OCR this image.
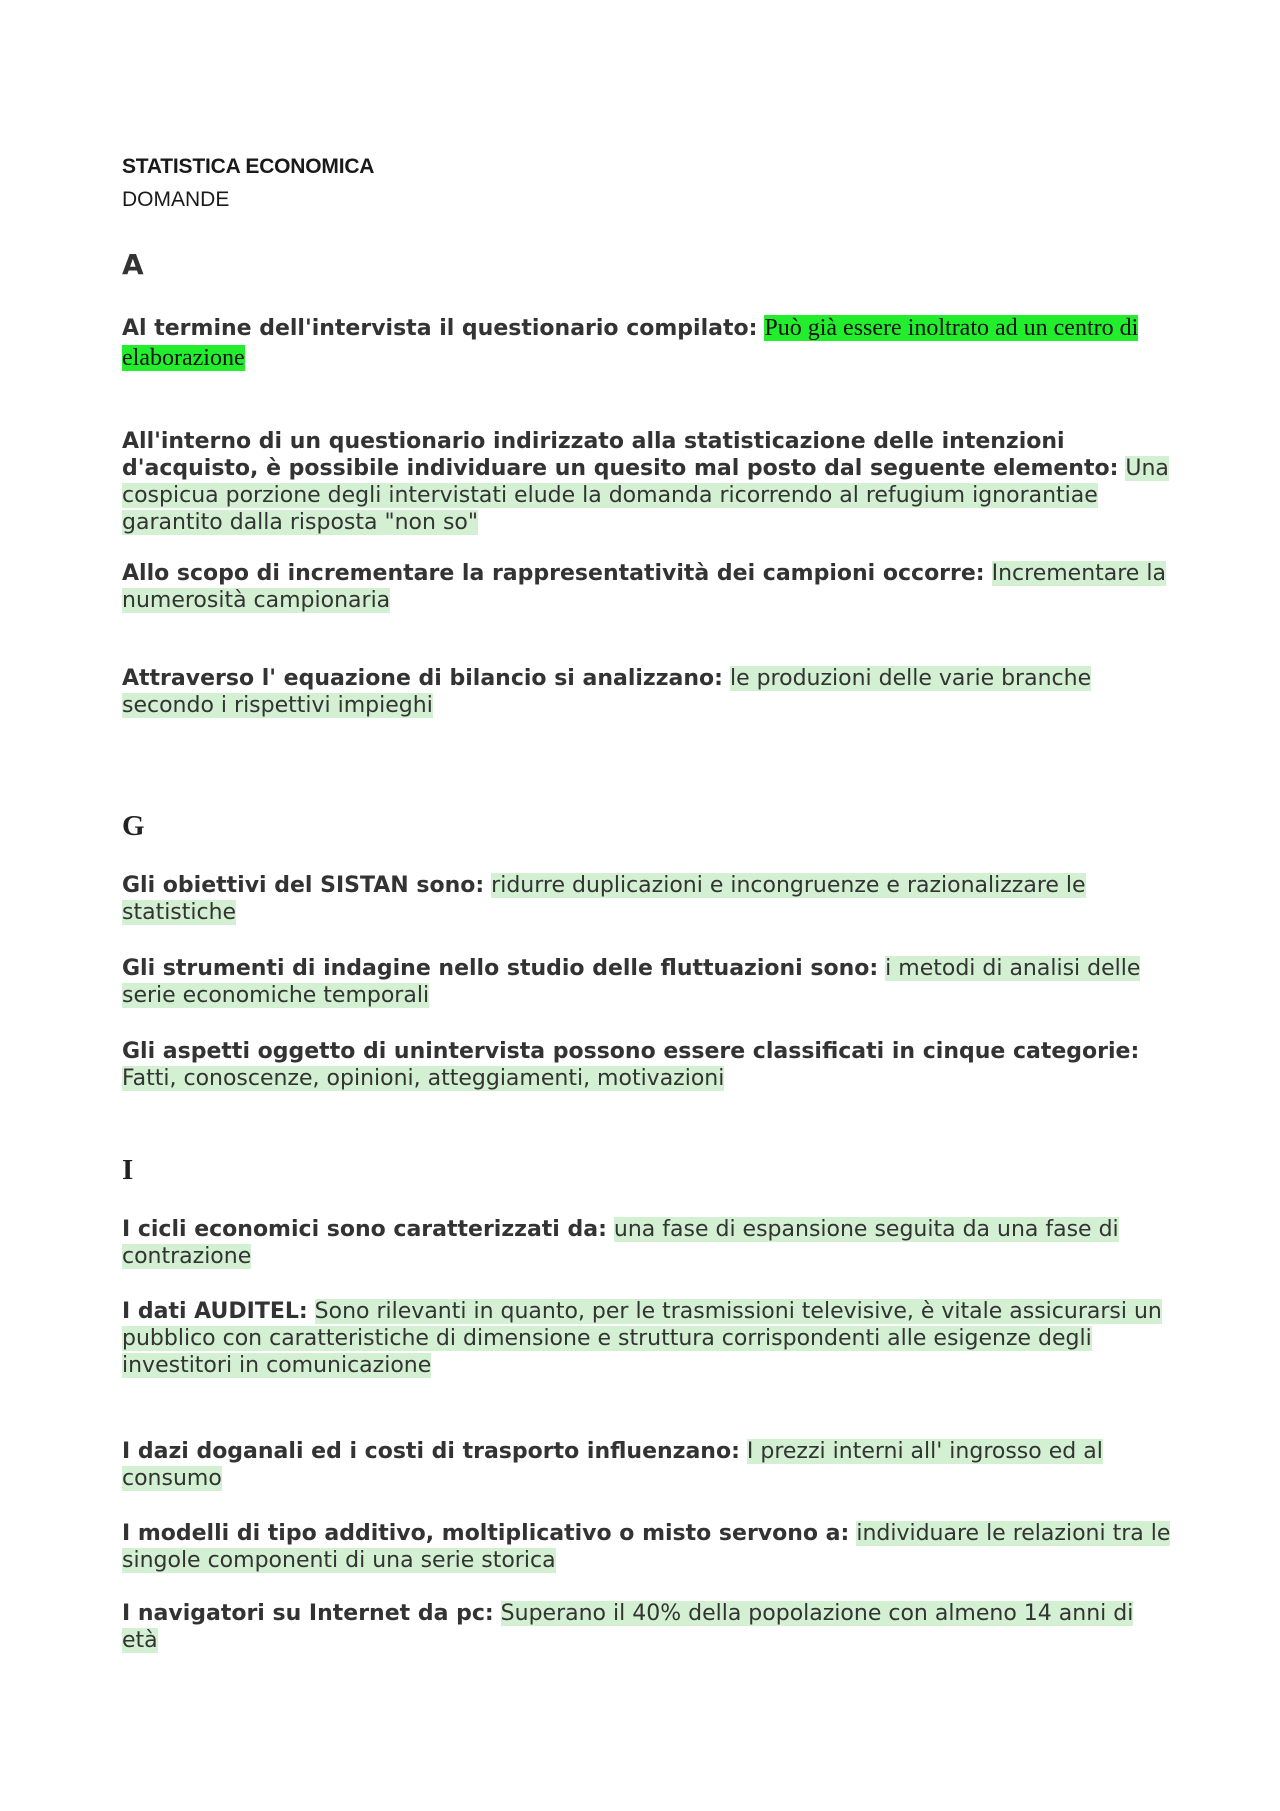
STATISTICA ECONOMICA
DOMANDE
A

Al termine dell'intervista il questionario compilato: Può già essere inoltrato ad un centro di elaborazione

All'interno di un questionario indirizzato alla statisticazione delle intenzioni d'acquisto, è possibile individuare un quesito mal posto dal seguente elemento: Una cospicua porzione degli intervistati elude la domanda ricorrendo al refugium ignorantiae garantito dalla risposta "non so"

Allo scopo di incrementare la rappresentatività dei campioni occorre: Incrementare la numerosità campionaria

Attraverso l' equazione di bilancio si analizzano: le produzioni delle varie branche secondo i rispettivi impieghi

G

Gli obiettivi del SISTAN sono: ridurre duplicazioni e incongruenze e razionalizzare le statistiche

Gli strumenti di indagine nello studio delle fluttuazioni sono: i metodi di analisi delle serie economiche temporali

Gli aspetti oggetto di unintervista possono essere classificati in cinque categorie: Fatti, conoscenze, opinioni, atteggiamenti, motivazioni

I

I cicli economici sono caratterizzati da: una fase di espansione seguita da una fase di contrazione

I dati AUDITEL: Sono rilevanti in quanto, per le trasmissioni televisive, è vitale assicurarsi un pubblico con caratteristiche di dimensione e struttura corrispondenti alle esigenze degli investitori in comunicazione

I dazi doganali ed i costi di trasporto influenzano: I prezzi interni all' ingrosso ed al consumo

I modelli di tipo additivo, moltiplicativo o misto servono a: individuare le relazioni tra le singole componenti di una serie storica

I navigatori su Internet da pc: Superano il 40% della popolazione con almeno 14 anni di età
